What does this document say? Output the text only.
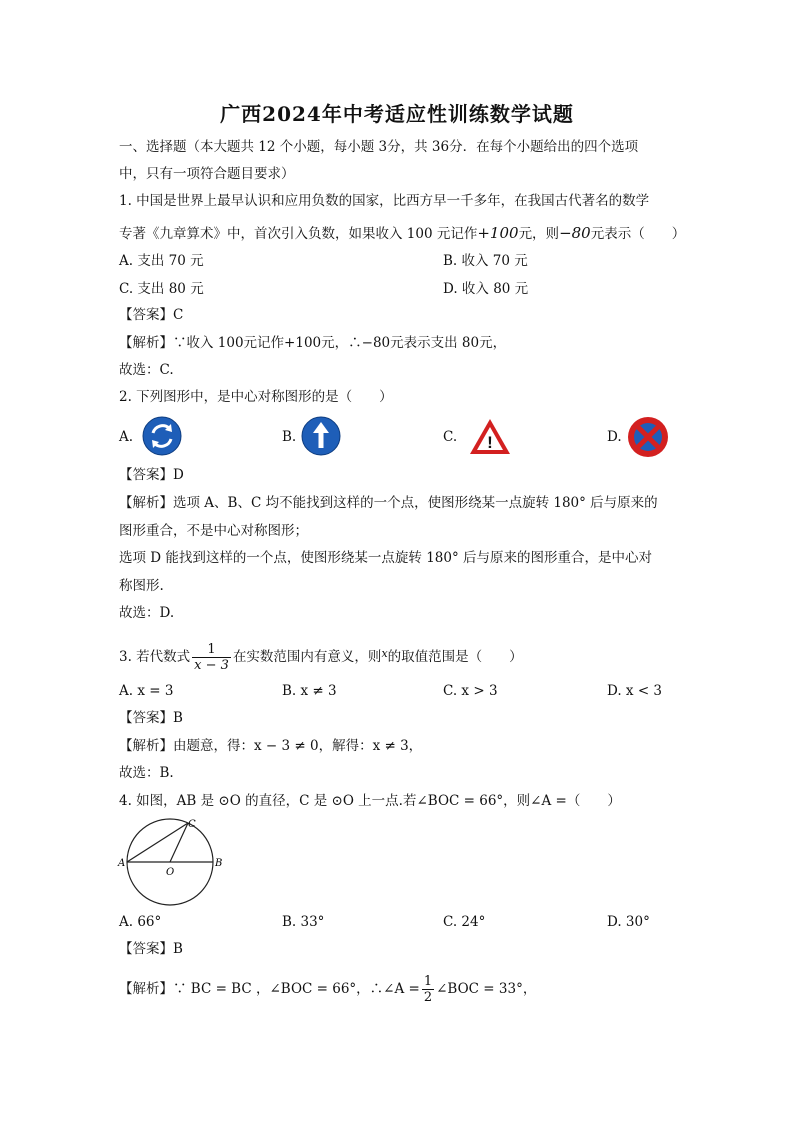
广西2024年中考适应性训练数学试题
一、选择题（本大题共 12 个小题，每小题 3分，共 36分．在每个小题给出的四个选项
中，只有一项符合题目要求）
1. 中国是世界上最早认识和应用负数的国家，比西方早一千多年，在我国古代著名的数学
专著《九章算术》中，首次引入负数，如果收入 100 元记作+100元，则−80元表示（　　）
A. 支出 70 元	B. 收入 70 元
C. 支出 80 元	D. 收入 80 元
【答案】C
【解析】∵收入 100元记作+100元，∴−80元表示支出 80元，
故选：C.
2. 下列图形中，是中心对称图形的是（　　）
A.	B.	C. !	D.
【答案】D
【解析】选项 A、B、C 均不能找到这样的一个点，使图形绕某一点旋转 180° 后与原来的
图形重合，不是中心对称图形；
选项 D 能找到这样的一个点，使图形绕某一点旋转 180° 后与原来的图形重合，是中心对
称图形.
故选：D.
3. 若代数式 $\frac{1}{x - 3}$ 在实数范围内有意义，则$^x$的取值范围是（　　）
A. x = 3	B. x ≠ 3	C. x > 3	D. x < 3
【答案】B
【解析】由题意，得：x − 3 ≠ 0，解得：x ≠ 3，
故选：B.
4. 如图，AB 是 ⊙O 的直径，C 是 ⊙O 上一点.若∠BOC = 66°，则∠A =（　　）
A	B
C
O
A. 66°	B. 33°	C. 24°	D. 30°
【答案】B
【解析】∵ BC = BC ，∠BOC = 66°，∴∠A = $\frac{1}{2}$ ∠BOC = 33°，
